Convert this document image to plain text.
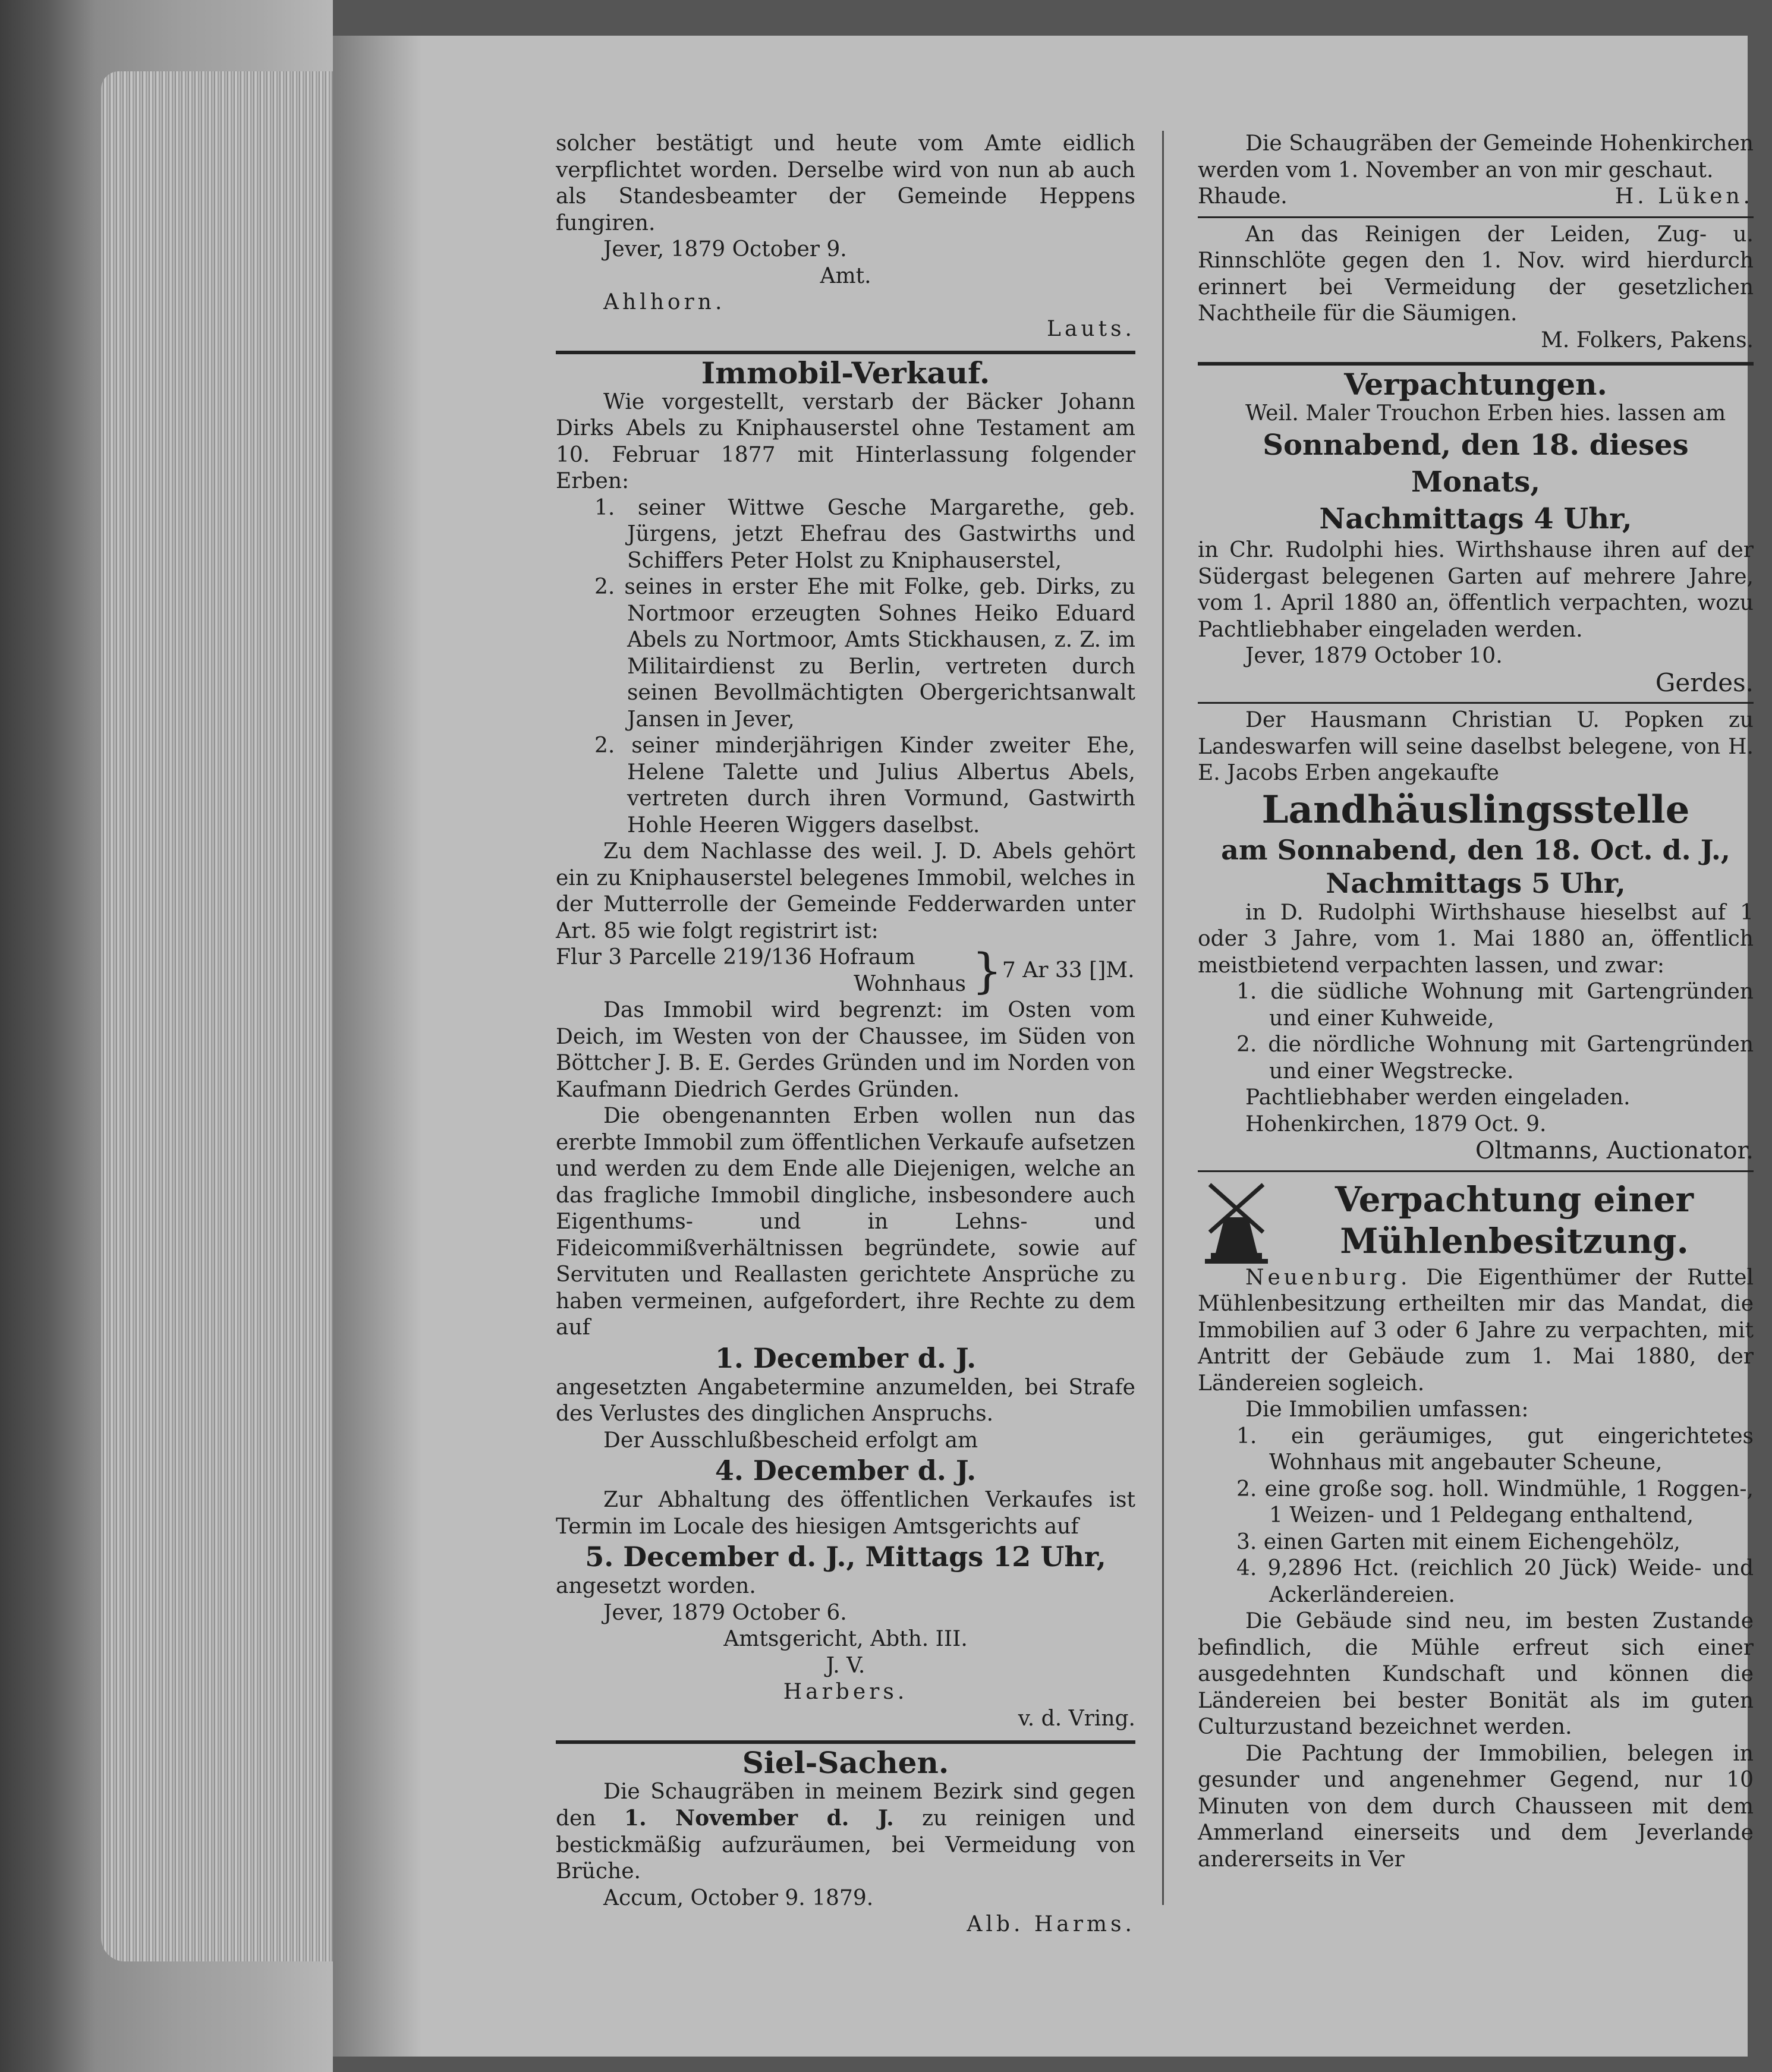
solcher bestätigt und heute vom Amte eidlich verpflichtet worden. Derselbe wird von nun ab auch als Standesbeamter der Gemeinde Heppens fungiren.

Jever, 1879 October 9.

Amt.

Ahlhorn.

Lauts.

Immobil-Verkauf.

Wie vorgestellt, verstarb der Bäcker Johann Dirks Abels zu Kniphauserstel ohne Testament am 10. Februar 1877 mit Hinterlassung folgender Erben:

1. seiner Wittwe Gesche Margarethe, geb. Jürgens, jetzt Ehefrau des Gastwirths und Schiffers Peter Holst zu Kniphauserstel,

2. seines in erster Ehe mit Folke, geb. Dirks, zu Nortmoor erzeugten Sohnes Heiko Eduard Abels zu Nortmoor, Amts Stickhausen, z. Z. im Militairdienst zu Berlin, vertreten durch seinen Bevollmächtigten Obergerichtsanwalt Jansen in Jever,

2. seiner minderjährigen Kinder zweiter Ehe, Helene Talette und Julius Albertus Abels, vertreten durch ihren Vormund, Gastwirth Hohle Heeren Wiggers daselbst.

Zu dem Nachlasse des weil. J. D. Abels gehört ein zu Kniphauserstel belegenes Immobil, welches in der Mutterrolle der Gemeinde Fedderwarden unter Art. 85 wie folgt registrirt ist:

Flur 3 Parcelle 219/136 Hofraum
Wohnhaus } 7 Ar 33 []M.

Das Immobil wird begrenzt: im Osten vom Deich, im Westen von der Chaussee, im Süden von Böttcher J. B. E. Gerdes Gründen und im Norden von Kaufmann Diedrich Gerdes Gründen.

Die obengenannten Erben wollen nun das ererbte Immobil zum öffentlichen Verkaufe aufsetzen und werden zu dem Ende alle Diejenigen, welche an das fragliche Immobil dingliche, insbesondere auch Eigenthums- und in Lehns- und Fideicommißverhältnissen begründete, sowie auf Servituten und Reallasten gerichtete Ansprüche zu haben vermeinen, aufgefordert, ihre Rechte zu dem auf

1. December d. J.

angesetzten Angabetermine anzumelden, bei Strafe des Verlustes des dinglichen Anspruchs.

Der Ausschlußbescheid erfolgt am

4. December d. J.

Zur Abhaltung des öffentlichen Verkaufes ist Termin im Locale des hiesigen Amtsgerichts auf

5. December d. J., Mittags 12 Uhr,

angesetzt worden.

Jever, 1879 October 6.

Amtsgericht, Abth. III.

J. V.

Harbers.

v. d. Vring.

Siel-Sachen.

Die Schaugräben in meinem Bezirk sind gegen den 1. November d. J. zu reinigen und bestickmäßig aufzuräumen, bei Vermeidung von Brüche.

Accum, October 9. 1879.

Alb. Harms.

Die Schaugräben der Gemeinde Hohenkirchen werden vom 1. November an von mir geschaut.

Rhaude.	H. Lüken.

An das Reinigen der Leiden, Zug- u. Rinnschlöte gegen den 1. Nov. wird hierdurch erinnert bei Vermeidung der gesetzlichen Nachtheile für die Säumigen.

M. Folkers, Pakens.

Verpachtungen.

Weil. Maler Trouchon Erben hies. lassen am

Sonnabend, den 18. dieses Monats,
Nachmittags 4 Uhr,

in Chr. Rudolphi hies. Wirthshause ihren auf der Südergast belegenen Garten auf mehrere Jahre, vom 1. April 1880 an, öffentlich verpachten, wozu Pachtliebhaber eingeladen werden.

Jever, 1879 October 10.

Gerdes.

Der Hausmann Christian U. Popken zu Landeswarfen will seine daselbst belegene, von H. E. Jacobs Erben angekaufte

Landhäuslingsstelle
am Sonnabend, den 18. Oct. d. J.,
Nachmittags 5 Uhr,

in D. Rudolphi Wirthshause hieselbst auf 1 oder 3 Jahre, vom 1. Mai 1880 an, öffentlich meistbietend verpachten lassen, und zwar:

1. die südliche Wohnung mit Gartengründen und einer Kuhweide,

2. die nördliche Wohnung mit Gartengründen und einer Wegstrecke.

Pachtliebhaber werden eingeladen.

Hohenkirchen, 1879 Oct. 9.

Oltmanns, Auctionator.

Verpachtung einer
Mühlenbesitzung.

Neuenburg. Die Eigenthümer der Ruttel Mühlenbesitzung ertheilten mir das Mandat, die Immobilien auf 3 oder 6 Jahre zu verpachten, mit Antritt der Gebäude zum 1. Mai 1880, der Ländereien sogleich.

Die Immobilien umfassen:

1. ein geräumiges, gut eingerichtetes Wohnhaus mit angebauter Scheune,

2. eine große sog. holl. Windmühle, 1 Roggen-, 1 Weizen- und 1 Peldegang enthaltend,

3. einen Garten mit einem Eichengehölz,

4. 9,2896 Hct. (reichlich 20 Jück) Weide- und Ackerländereien.

Die Gebäude sind neu, im besten Zustande befindlich, die Mühle erfreut sich einer ausgedehnten Kundschaft und können die Ländereien bei bester Bonität als im guten Culturzustand bezeichnet werden.

Die Pachtung der Immobilien, belegen in gesunder und angenehmer Gegend, nur 10 Minuten von dem durch Chausseen mit dem Ammerland einerseits und dem Jeverlande andererseits in Ver
